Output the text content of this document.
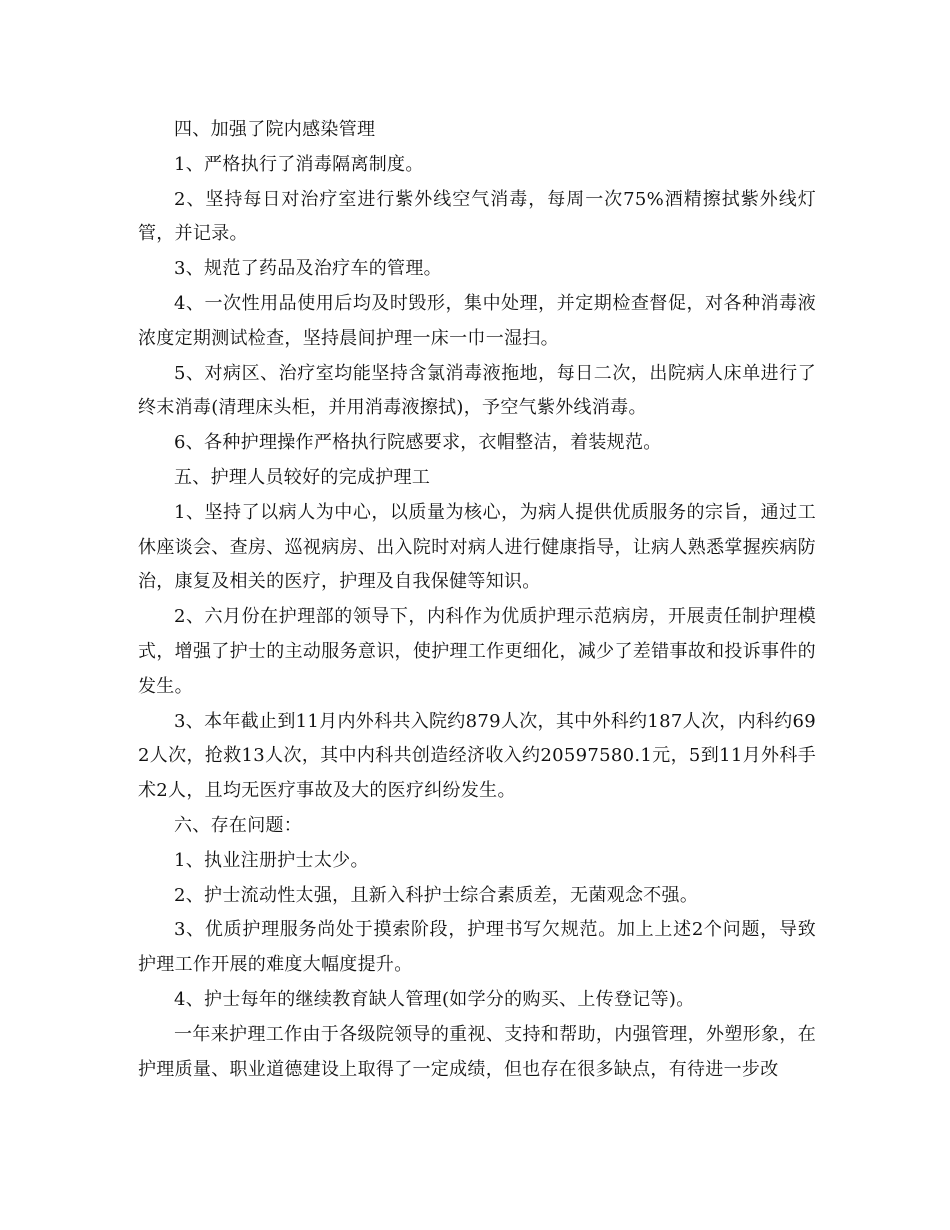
四、加强了院内感染管理

1、严格执行了消毒隔离制度。

2、坚持每日对治疗室进行紫外线空气消毒，每周一次75%酒精擦拭紫外线灯管，并记录。

3、规范了药品及治疗车的管理。

4、一次性用品使用后均及时毁形，集中处理，并定期检查督促，对各种消毒液浓度定期测试检查，坚持晨间护理一床一巾一湿扫。

5、对病区、治疗室均能坚持含氯消毒液拖地，每日二次，出院病人床单进行了终末消毒(清理床头柜，并用消毒液擦拭)，予空气紫外线消毒。

6、各种护理操作严格执行院感要求，衣帽整洁，着装规范。

五、护理人员较好的完成护理工

1、坚持了以病人为中心，以质量为核心，为病人提供优质服务的宗旨，通过工 休座谈会、查房、巡视病房、出入院时对病人进行健康指导，让病人熟悉掌握疾病防治，康复及相关的医疗，护理及自我保健等知识。

2、六月份在护理部的领导下，内科作为优质护理示范病房，开展责任制护理模式，增强了护士的主动服务意识，使护理工作更细化，减少了差错事故和投诉事件的发生。

3、本年截止到11月内外科共入院约879人次，其中外科约187人次，内科约692人次，抢救13人次，其中内科共创造经济收入约20597580.1元，5到11月外科手术2人，且均无医疗事故及大的医疗纠纷发生。

六、存在问题：

1、执业注册护士太少。

2、护士流动性太强，且新入科护士综合素质差，无菌观念不强。

3、优质护理服务尚处于摸索阶段，护理书写欠规范。加上上述2个问题，导致护理工作开展的难度大幅度提升。

4、护士每年的继续教育缺人管理(如学分的购买、上传登记等)。

一年来护理工作由于各级院领导的重视、支持和帮助，内强管理，外塑形象，在护理质量、职业道德建设上取得了一定成绩，但也存在很多缺点，有待进一步改
